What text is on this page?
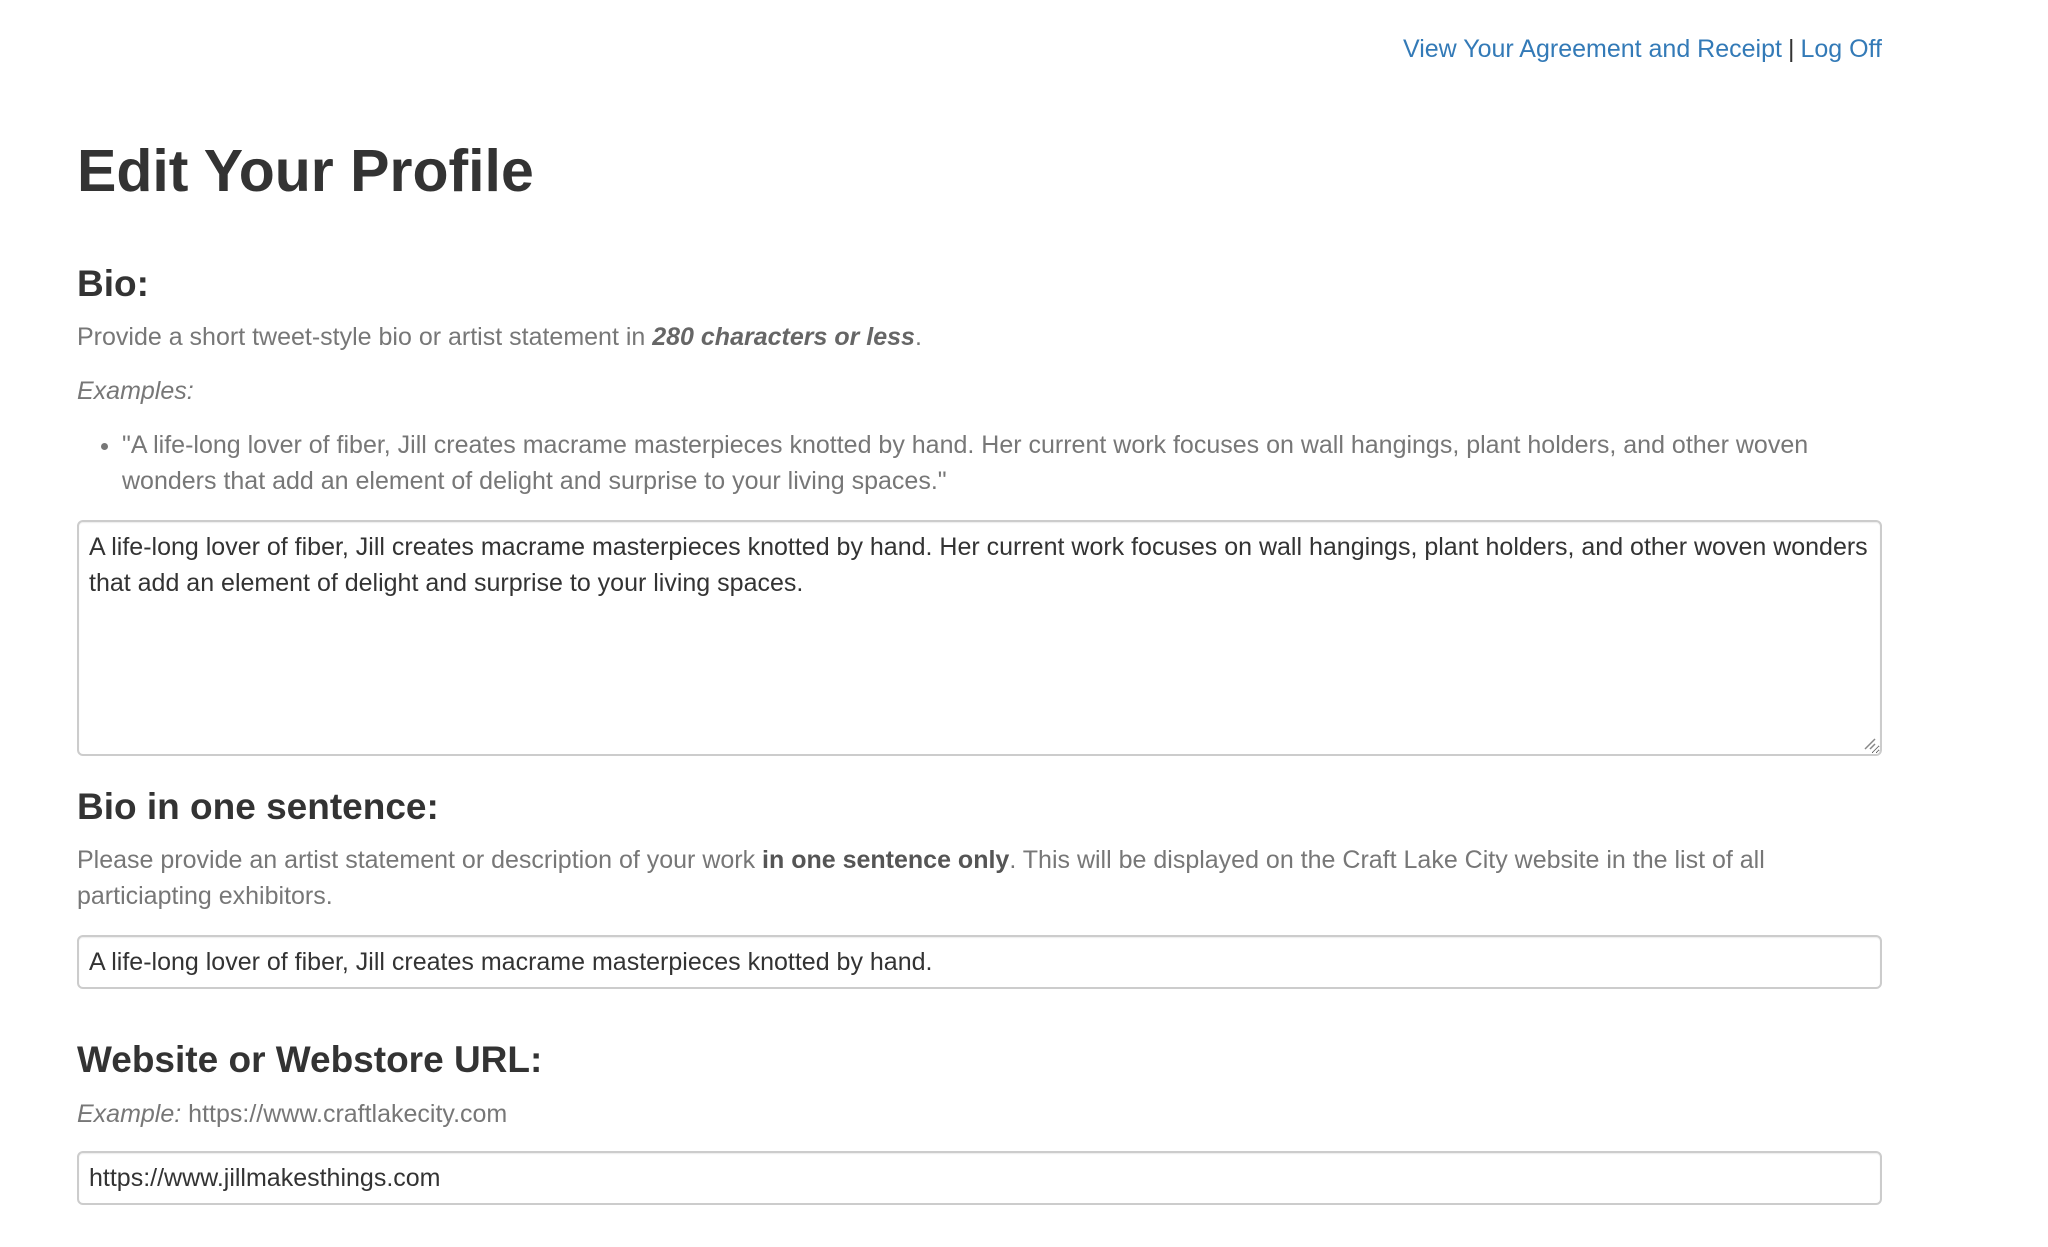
View Your Agreement and Receipt | Log Off
Edit Your Profile
Bio:

Provide a short tweet-style bio or artist statement in 280 characters or less.

Examples:

• "A life-long lover of fiber, Jill creates macrame masterpieces knotted by hand. Her current work focuses on wall hangings, plant holders, and other woven wonders that add an element of delight and surprise to your living spaces."
A life-long lover of fiber, Jill creates macrame masterpieces knotted by hand. Her current work focuses on wall hangings, plant holders, and other woven wonders that add an element of delight and surprise to your living spaces.
Bio in one sentence:

Please provide an artist statement or description of your work in one sentence only. This will be displayed on the Craft Lake City website in the list of all particiapting exhibitors.

A life-long lover of fiber, Jill creates macrame masterpieces knotted by hand.
Website or Webstore URL:

Example: https://www.craftlakecity.com

https://www.jillmakesthings.com
